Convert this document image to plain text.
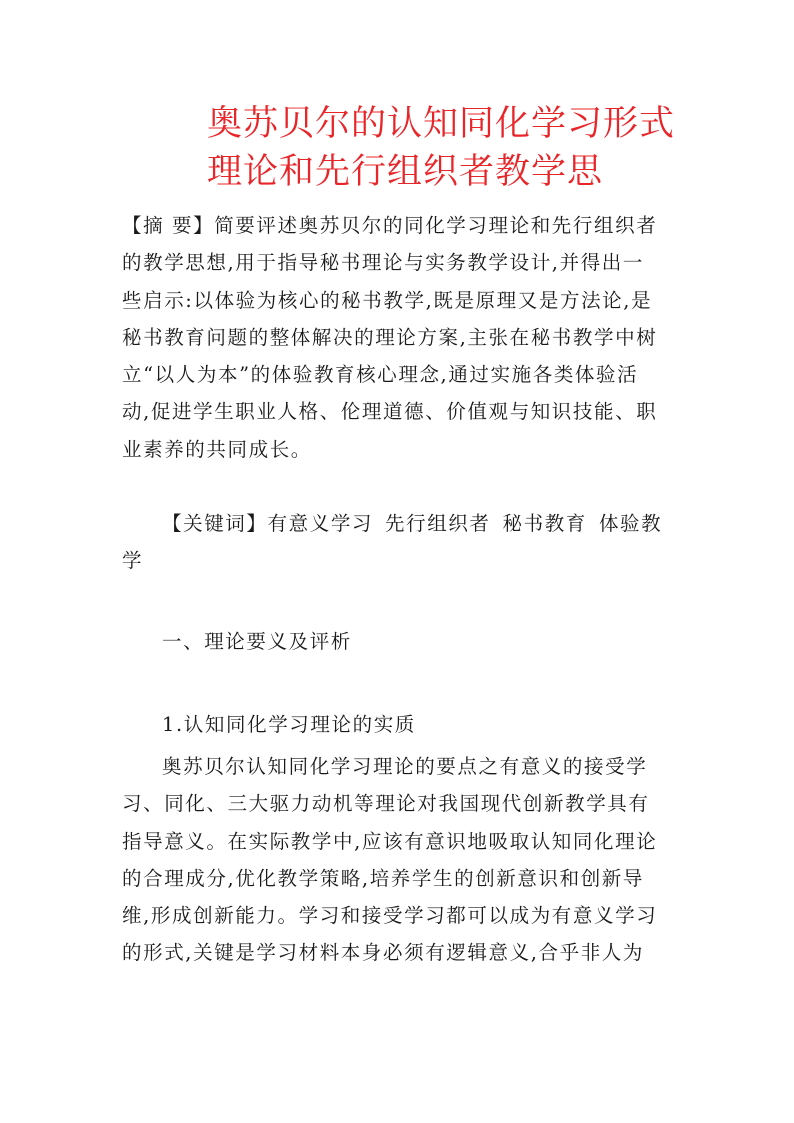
奥苏贝尔的认知同化学习形式
理论和先行组织者教学思
【摘 要】简要评述奥苏贝尔的同化学习理论和先行组织者
的教学思想,用于指导秘书理论与实务教学设计,并得出一
些启示:以体验为核心的秘书教学,既是原理又是方法论,是
秘书教育问题的整体解决的理论方案,主张在秘书教学中树
立“以人为本”的体验教育核心理念,通过实施各类体验活
动,促进学生职业人格、伦理道德、价值观与知识技能、职
业素养的共同成长。
【关键词】有意义学习 先行组织者 秘书教育 体验教
学
一、理论要义及评析
1.认知同化学习理论的实质
奥苏贝尔认知同化学习理论的要点之有意义的接受学
习、同化、三大驱力动机等理论对我国现代创新教学具有
指导意义。在实际教学中,应该有意识地吸取认知同化理论
的合理成分,优化教学策略,培养学生的创新意识和创新导
维,形成创新能力。学习和接受学习都可以成为有意义学习
的形式,关键是学习材料本身必须有逻辑意义,合乎非人为
